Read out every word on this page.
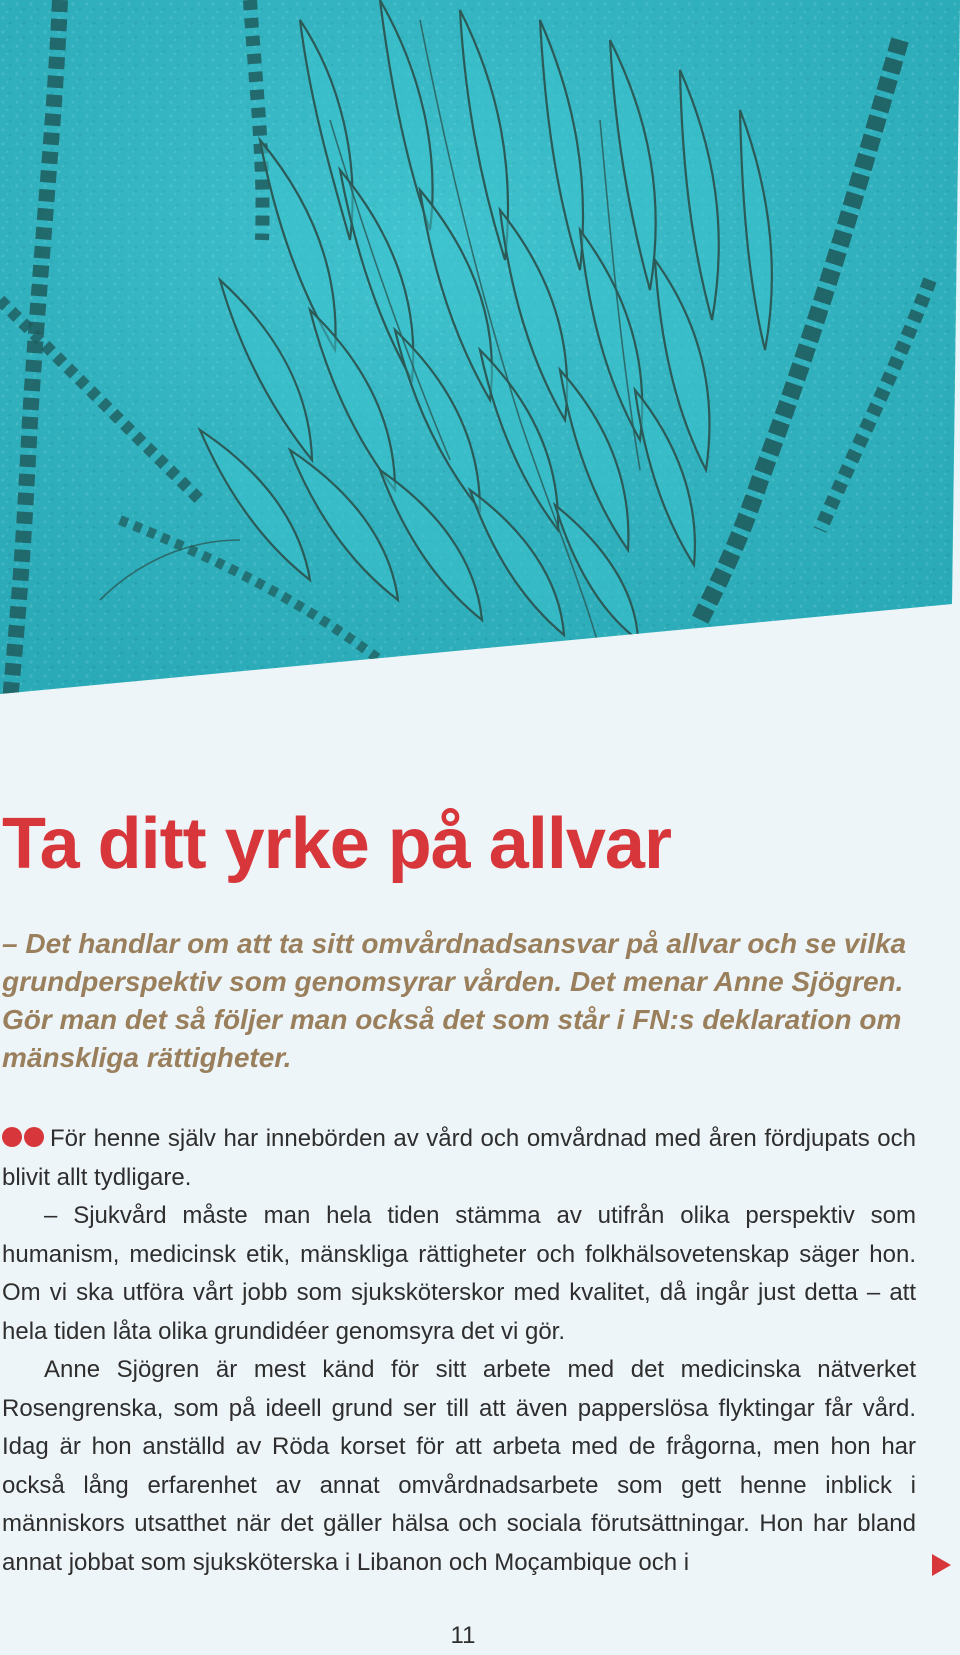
Ta ditt yrke på allvar

– Det handlar om att ta sitt omvårdnadsansvar på allvar och se vilka grundperspektiv som genomsyrar vården. Det menar Anne Sjögren. Gör man det så följer man också det som står i FN:s deklaration om mänskliga rättigheter.

För henne själv har innebörden av vård och omvårdnad med åren fördjupats och blivit allt tydligare.

– Sjukvård måste man hela tiden stämma av utifrån olika perspektiv som humanism, medicinsk etik, mänskliga rättigheter och folkhälsovetenskap säger hon. Om vi ska utföra vårt jobb som sjuksköterskor med kvalitet, då ingår just detta – att hela tiden låta olika grundidéer genomsyra det vi gör.

Anne Sjögren är mest känd för sitt arbete med det medicinska nätverket Rosengrenska, som på ideell grund ser till att även papperslösa flyktingar får vård. Idag är hon anställd av Röda korset för att arbeta med de frågorna, men hon har också lång erfarenhet av annat omvårdnadsarbete som gett henne inblick i människors utsatthet när det gäller hälsa och sociala förutsättningar. Hon har bland annat jobbat som sjuksköterska i Libanon och Moçambique och i

11
